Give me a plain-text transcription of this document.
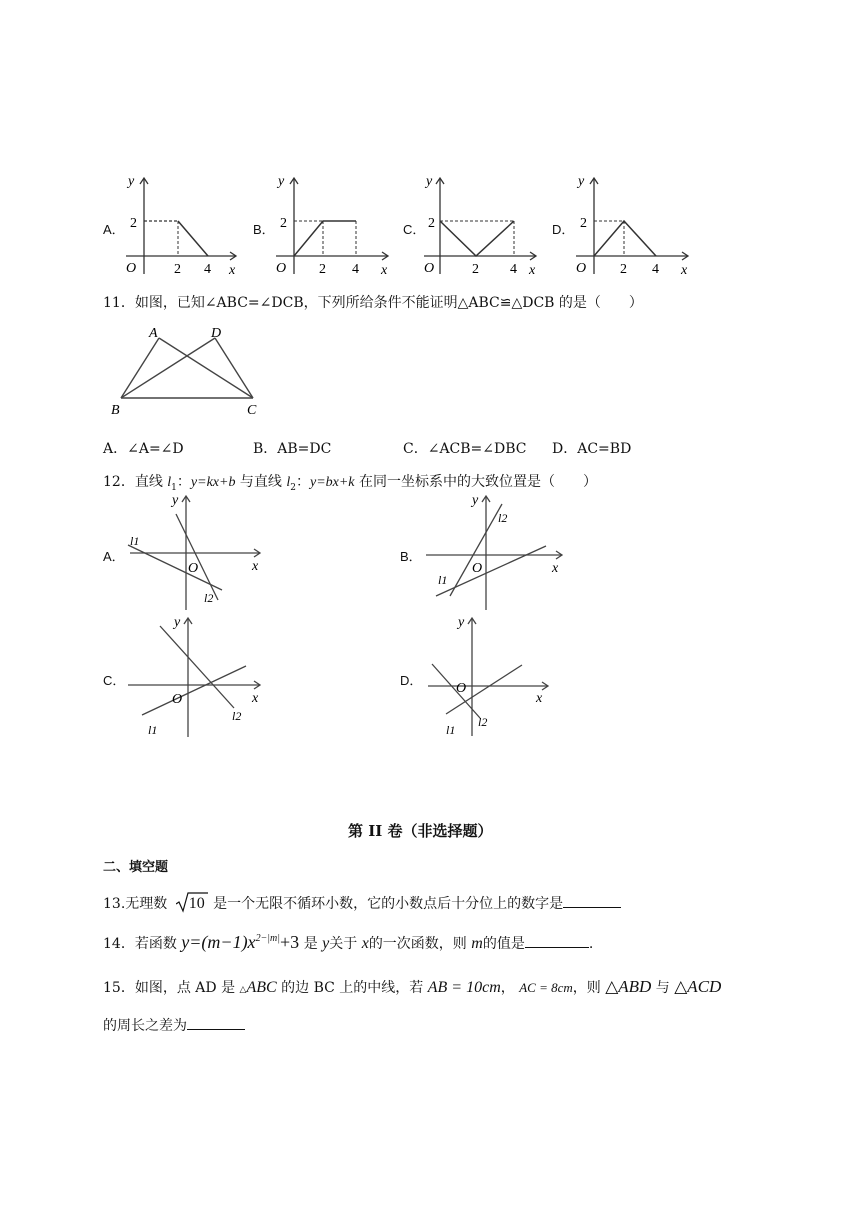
A．
y
2
O	2 4 x
B．
y
2
O 2 4 x
C．
y
2
O	2 4 x
D．
y
2
O 2 4 x
11．如图，已知∠ABC=∠DCB，下列所给条件不能证明△ABC≌△DCB 的是（　　）
A	D
B	C
A．∠A=∠D	B．AB=DC	C．∠ACB=∠DBC D．AC=BD
12．直线 $l_1$：y=kx+b 与直线 $l_2$：y=bx+k 在同一坐标系中的大致位置是（　　）
A．
y
x
O
l1
l2
B．
y
x
O
l1
l2
C．
y
x
O
l1
l2
D．
y
x
O
l1
l2
第 II 卷（非选择题）
二、填空题
13.无理数 10 是一个无限不循环小数，它的小数点后十分位上的数字是
14．若函数 $y=(m-1)x^{2-|m|}+3$ 是 y关于 x的一次函数，则 m的值是	.
15．如图，点 AD 是 △ABC 的边 BC 上的中线，若 AB = 10cm， AC = 8cm，则 △ABD 与 △ACD
的周长之差为
